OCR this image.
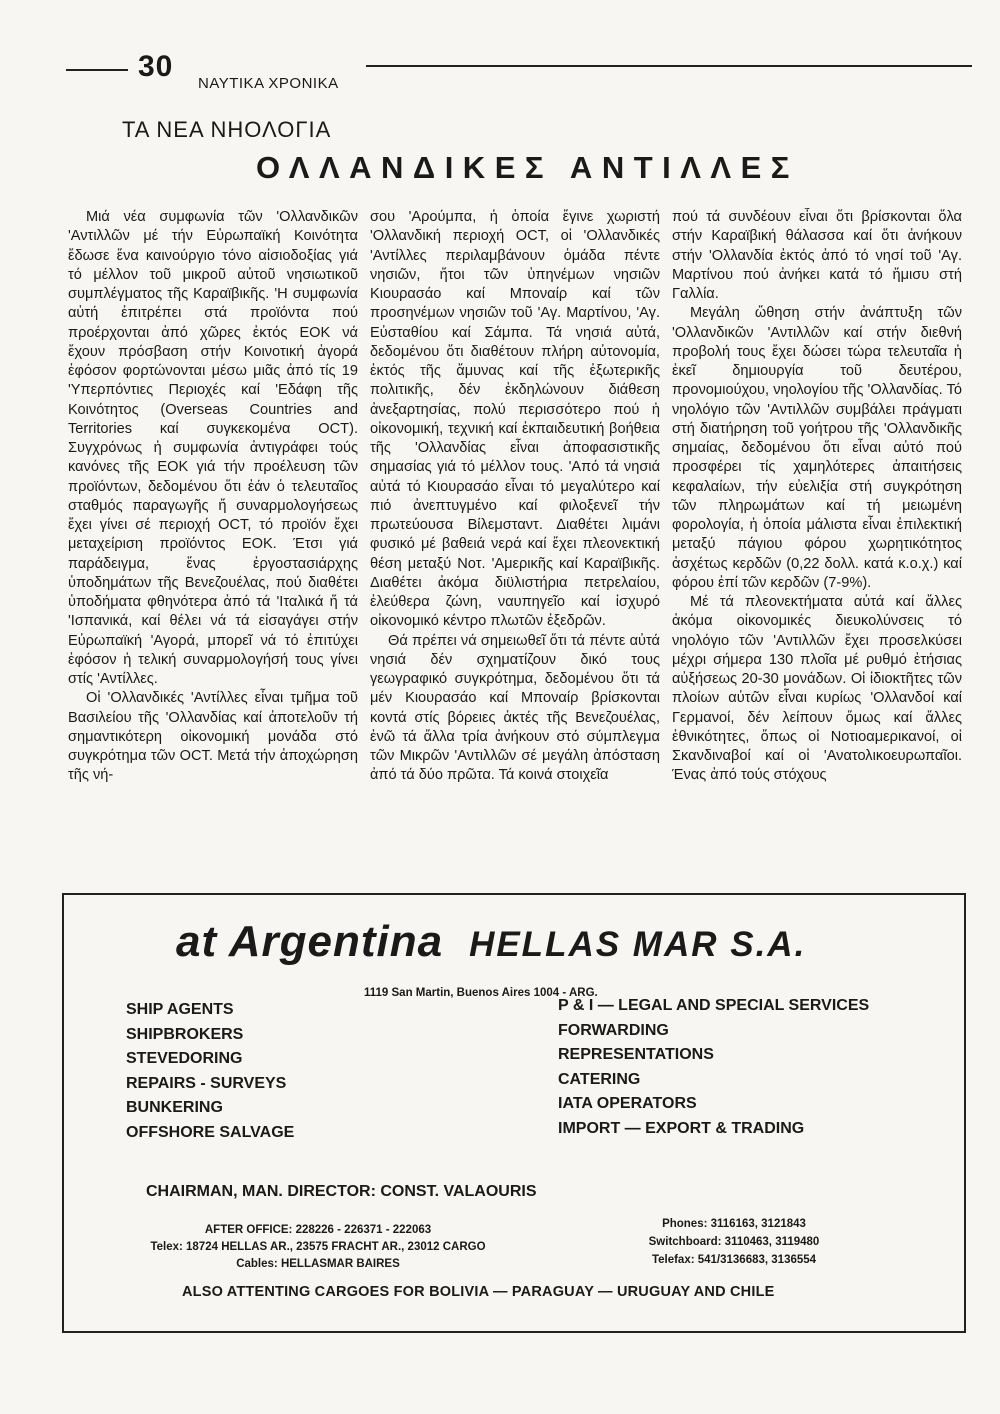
30
ΝΑΥΤΙΚΑ ΧΡΟΝΙΚΑ
ΤΑ ΝΕΑ ΝΗΟΛΟΓΙΑ
ΟΛΛΑΝΔΙΚΕΣ ΑΝΤΙΛΛΕΣ

Μιά νέα συμφωνία τῶν 'Ολλανδικῶν 'Αντιλλῶν μέ τήν Εὐρωπαϊκή Κοινότητα ἔδωσε ἕνα καινούργιο τόνο αἰσιοδοξίας γιά τό μέλλον τοῦ μικροῦ αὐτοῦ νησιωτικοῦ συμπλέγματος τῆς Καραϊβικῆς. 'Η συμφωνία αὐτή ἐπιτρέπει στά προϊόντα πού προέρχονται ἀπό χῶρες ἐκτός ΕΟΚ νά ἔχουν πρόσβαση στήν Κοινοτική ἀγορά ἐφόσον φορτώνονται μέσω μιᾶς ἀπό τίς 19 'Υπερπόντιες Περιοχές καί 'Εδάφη τῆς Κοινότητος (Overseas Countries and Territories καί συγκεκομένα OCT). Συγχρόνως ἡ συμφωνία ἀντιγράφει τούς κανόνες τῆς ΕΟΚ γιά τήν προέλευση τῶν προϊόντων, δεδομένου ὅτι ἐάν ὁ τελευταῖος σταθμός παραγωγῆς ἤ συναρμολογήσεως ἔχει γίνει σέ περιοχή OCT, τό προϊόν ἔχει μεταχείριση προϊόντος ΕΟΚ. Έτσι γιά παράδειγμα, ἕνας ἐργοστασιάρχης ὑποδημάτων τῆς Βενεζουέλας, πού διαθέτει ὑποδήματα φθηνότερα ἀπό τά 'Ιταλικά ἤ τά 'Ισπανικά, καί θέλει νά τά εἰσαγάγει στήν Εὐρωπαϊκή 'Αγορά, μπορεῖ νά τό ἐπιτύχει ἐφόσον ἡ τελική συναρμολογήσή τους γίνει στίς 'Αντίλλες.

Οἱ 'Ολλανδικές 'Αντίλλες εἶναι τμῆμα τοῦ Βασιλείου τῆς 'Ολλανδίας καί ἀποτελοῦν τή σημαντικότερη οἰκονομική μονάδα στό συγκρότημα τῶν OCT. Μετά τήν ἀποχώρηση τῆς νή-

σου 'Αρούμπα, ἡ ὁποία ἔγινε χωριστή 'Ολλανδική περιοχή OCT, οἱ 'Ολλανδικές 'Αντίλλες περιλαμβάνουν ὁμάδα πέντε νησιῶν, ἤτοι τῶν ὑπηνέμων νησιῶν Κιουρασάο καί Μποναίρ καί τῶν προσηνέμων νησιῶν τοῦ 'Αγ. Μαρτίνου, 'Αγ. Εὐσταθίου καί Σάμπα. Τά νησιά αὐτά, δεδομένου ὅτι διαθέτουν πλήρη αὐτονομία, ἐκτός τῆς ἄμυνας καί τῆς ἐξωτερικῆς πολιτικῆς, δέν ἐκδηλώνουν διάθεση ἀνεξαρτησίας, πολύ περισσότερο πού ἡ οἰκονομική, τεχνική καί ἐκπαιδευτική βοήθεια τῆς 'Ολλανδίας εἶναι ἀποφασιστικῆς σημασίας γιά τό μέλλον τους. 'Από τά νησιά αὐτά τό Κιουρασάο εἶναι τό μεγαλύτερο καί πιό ἀνεπτυγμένο καί φιλοξενεῖ τήν πρωτεύουσα Βίλεμσταντ. Διαθέτει λιμάνι φυσικό μέ βαθειά νερά καί ἔχει πλεονεκτική θέση μεταξύ Νοτ. 'Αμερικῆς καί Καραϊβικῆς. Διαθέτει ἀκόμα διϋλιστήρια πετρελαίου, ἐλεύθερα ζώνη, ναυπηγεῖο καί ἰσχυρό οἰκονομικό κέντρο πλωτῶν ἐξεδρῶν.

Θά πρέπει νά σημειωθεῖ ὅτι τά πέντε αὐτά νησιά δέν σχηματίζουν δικό τους γεωγραφικό συγκρότημα, δεδομένου ὅτι τά μέν Κιουρασάο καί Μποναίρ βρίσκονται κοντά στίς βόρειες ἀκτές τῆς Βενεζουέλας, ἐνῶ τά ἄλλα τρία ἀνήκουν στό σύμπλεγμα τῶν Μικρῶν 'Αντιλλῶν σέ μεγάλη ἀπόσταση ἀπό τά δύο πρῶτα. Τά κοινά στοιχεῖα

πού τά συνδέουν εἶναι ὅτι βρίσκονται ὅλα στήν Καραϊβική θάλασσα καί ὅτι ἀνήκουν στήν 'Ολλανδία ἐκτός ἀπό τό νησί τοῦ 'Αγ. Μαρτίνου πού ἀνήκει κατά τό ἥμισυ στή Γαλλία.

Μεγάλη ὤθηση στήν ἀνάπτυξη τῶν 'Ολλανδικῶν 'Αντιλλῶν καί στήν διεθνή προβολή τους ἔχει δώσει τώρα τελευταῖα ἡ ἐκεῖ δημιουργία τοῦ δευτέρου, προνομιούχου, νηολογίου τῆς 'Ολλανδίας. Τό νηολόγιο τῶν 'Αντιλλῶν συμβάλει πράγματι στή διατήρηση τοῦ γοήτρου τῆς 'Ολλανδικῆς σημαίας, δεδομένου ὅτι εἶναι αὐτό πού προσφέρει τίς χαμηλότερες ἀπαιτήσεις κεφαλαίων, τήν εὐελιξία στή συγκρότηση τῶν πληρωμάτων καί τή μειωμένη φορολογία, ἡ ὁποία μάλιστα εἶναι ἐπιλεκτική μεταξύ πάγιου φόρου χωρητικότητος ἀσχέτως κερδῶν (0,22 δολλ. κατά κ.ο.χ.) καί φόρου ἐπί τῶν κερδῶν (7-9%).

Μέ τά πλεονεκτήματα αὐτά καί ἄλλες ἀκόμα οἰκονομικές διευκολύνσεις τό νηολόγιο τῶν 'Αντιλλῶν ἔχει προσελκύσει μέχρι σήμερα 130 πλοῖα μέ ρυθμό ἐτήσιας αὐξήσεως 20-30 μονάδων. Οἱ ἰδιοκτῆτες τῶν πλοίων αὐτῶν εἶναι κυρίως 'Ολλανδοί καί Γερμανοί, δέν λείπουν ὅμως καί ἄλλες ἐθνικότητες, ὅπως οἱ Νοτιοαμερικανοί, οἱ Σκανδιναβοί καί οἱ 'Ανατολικοευρωπαῖοι. Ένας ἀπό τούς στόχους

at Argentina HELLAS MAR S.A.
1119 San Martin, Buenos Aires 1004 - ARG.
SHIP AGENTS
SHIPBROKERS
STEVEDORING
REPAIRS - SURVEYS
BUNKERING
OFFSHORE SALVAGE
P & I — LEGAL AND SPECIAL SERVICES
FORWARDING
REPRESENTATIONS
CATERING
IATA OPERATORS
IMPORT — EXPORT & TRADING
CHAIRMAN, MAN. DIRECTOR: CONST. VALAOURIS
AFTER OFFICE: 228226 - 226371 - 222063
Telex: 18724 HELLAS AR., 23575 FRACHT AR., 23012 CARGO
Cables: HELLASMAR BAIRES
Phones: 3116163, 3121843
Switchboard: 3110463, 3119480
Telefax: 541/3136683, 3136554
ALSO ATTENTING CARGOES FOR BOLIVIA — PARAGUAY — URUGUAY AND CHILE
